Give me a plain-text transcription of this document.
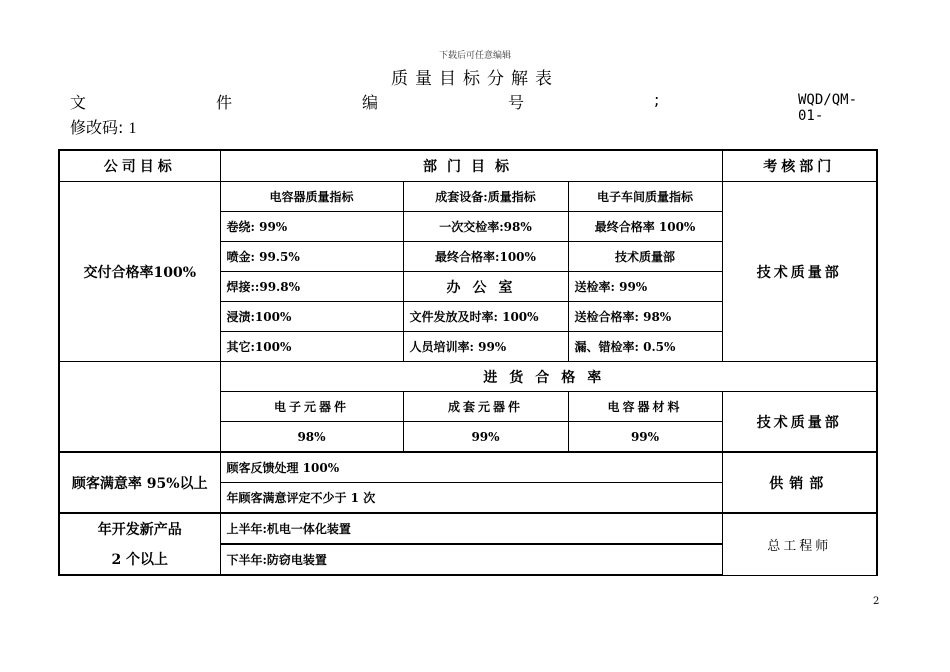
下载后可任意编辑
质量目标分解表
文	件	编	号	;	WQD/QM-01-
修改码: 1
公司目标	部门目标			考核部门
交付合格率100%	电容器质量指标	成套设备:质量指标	电子车间质量指标	技术质量部
	卷绕: 99%	一次交检率:98%	最终合格率 100%	
	喷金: 99.5%	最终合格率:100%	技术质量部	
	焊接::99.8%	办公室	送检率: 99%	
	浸渍:100%	文件发放及时率: 100%	送检合格率: 98%	
	其它:100%	人员培训率: 99%	漏、错检率: 0.5%	
	进货合格率			
	电子元器件	成套元器件	电容器材料	技术质量部
	98%	99%	99%	
顾客满意率 95%以上	顾客反馈处理 100%			供销部
	年顾客满意评定不少于 1 次			
年开发新产品	上半年:机电一体化装置			总工程师
2 个以上	下半年:防窃电装置			
2
